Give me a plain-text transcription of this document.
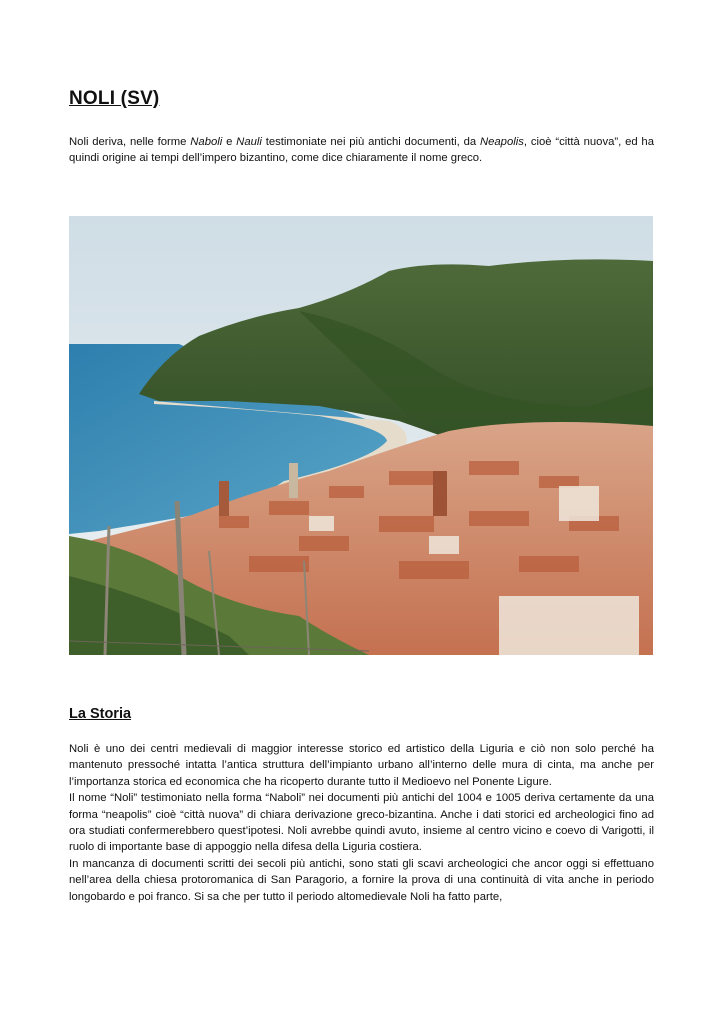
NOLI (SV)

Noli deriva, nelle forme Naboli e Nauli testimoniate nei più antichi documenti, da Neapolis, cioè “città nuova”, ed ha quindi origine ai tempi dell’impero bizantino, come dice chiaramente il nome greco.

La Storia
Noli è uno dei centri medievali di maggior interesse storico ed artistico della Liguria e ciò non solo perché ha mantenuto pressoché intatta l’antica struttura dell’impianto urbano all’interno delle mura di cinta, ma anche per l’importanza storica ed economica che ha ricoperto durante tutto il Medioevo nel Ponente Ligure.
Il nome “Noli” testimoniato nella forma “Naboli” nei documenti più antichi del 1004 e 1005 deriva certamente da una forma “neapolis” cioè “città nuova” di chiara derivazione greco-bizantina. Anche i dati storici ed archeologici fino ad ora studiati confermerebbero quest’ipotesi. Noli avrebbe quindi avuto, insieme al centro vicino e coevo di Varigotti, il ruolo di importante base di appoggio nella difesa della Liguria costiera.
In mancanza di documenti scritti dei secoli più antichi, sono stati gli scavi archeologici che ancor oggi si effettuano nell’area della chiesa protoromanica di San Paragorio, a fornire la prova di una continuità di vita anche in periodo longobardo e poi franco. Si sa che per tutto il periodo altomedievale Noli ha fatto parte,
